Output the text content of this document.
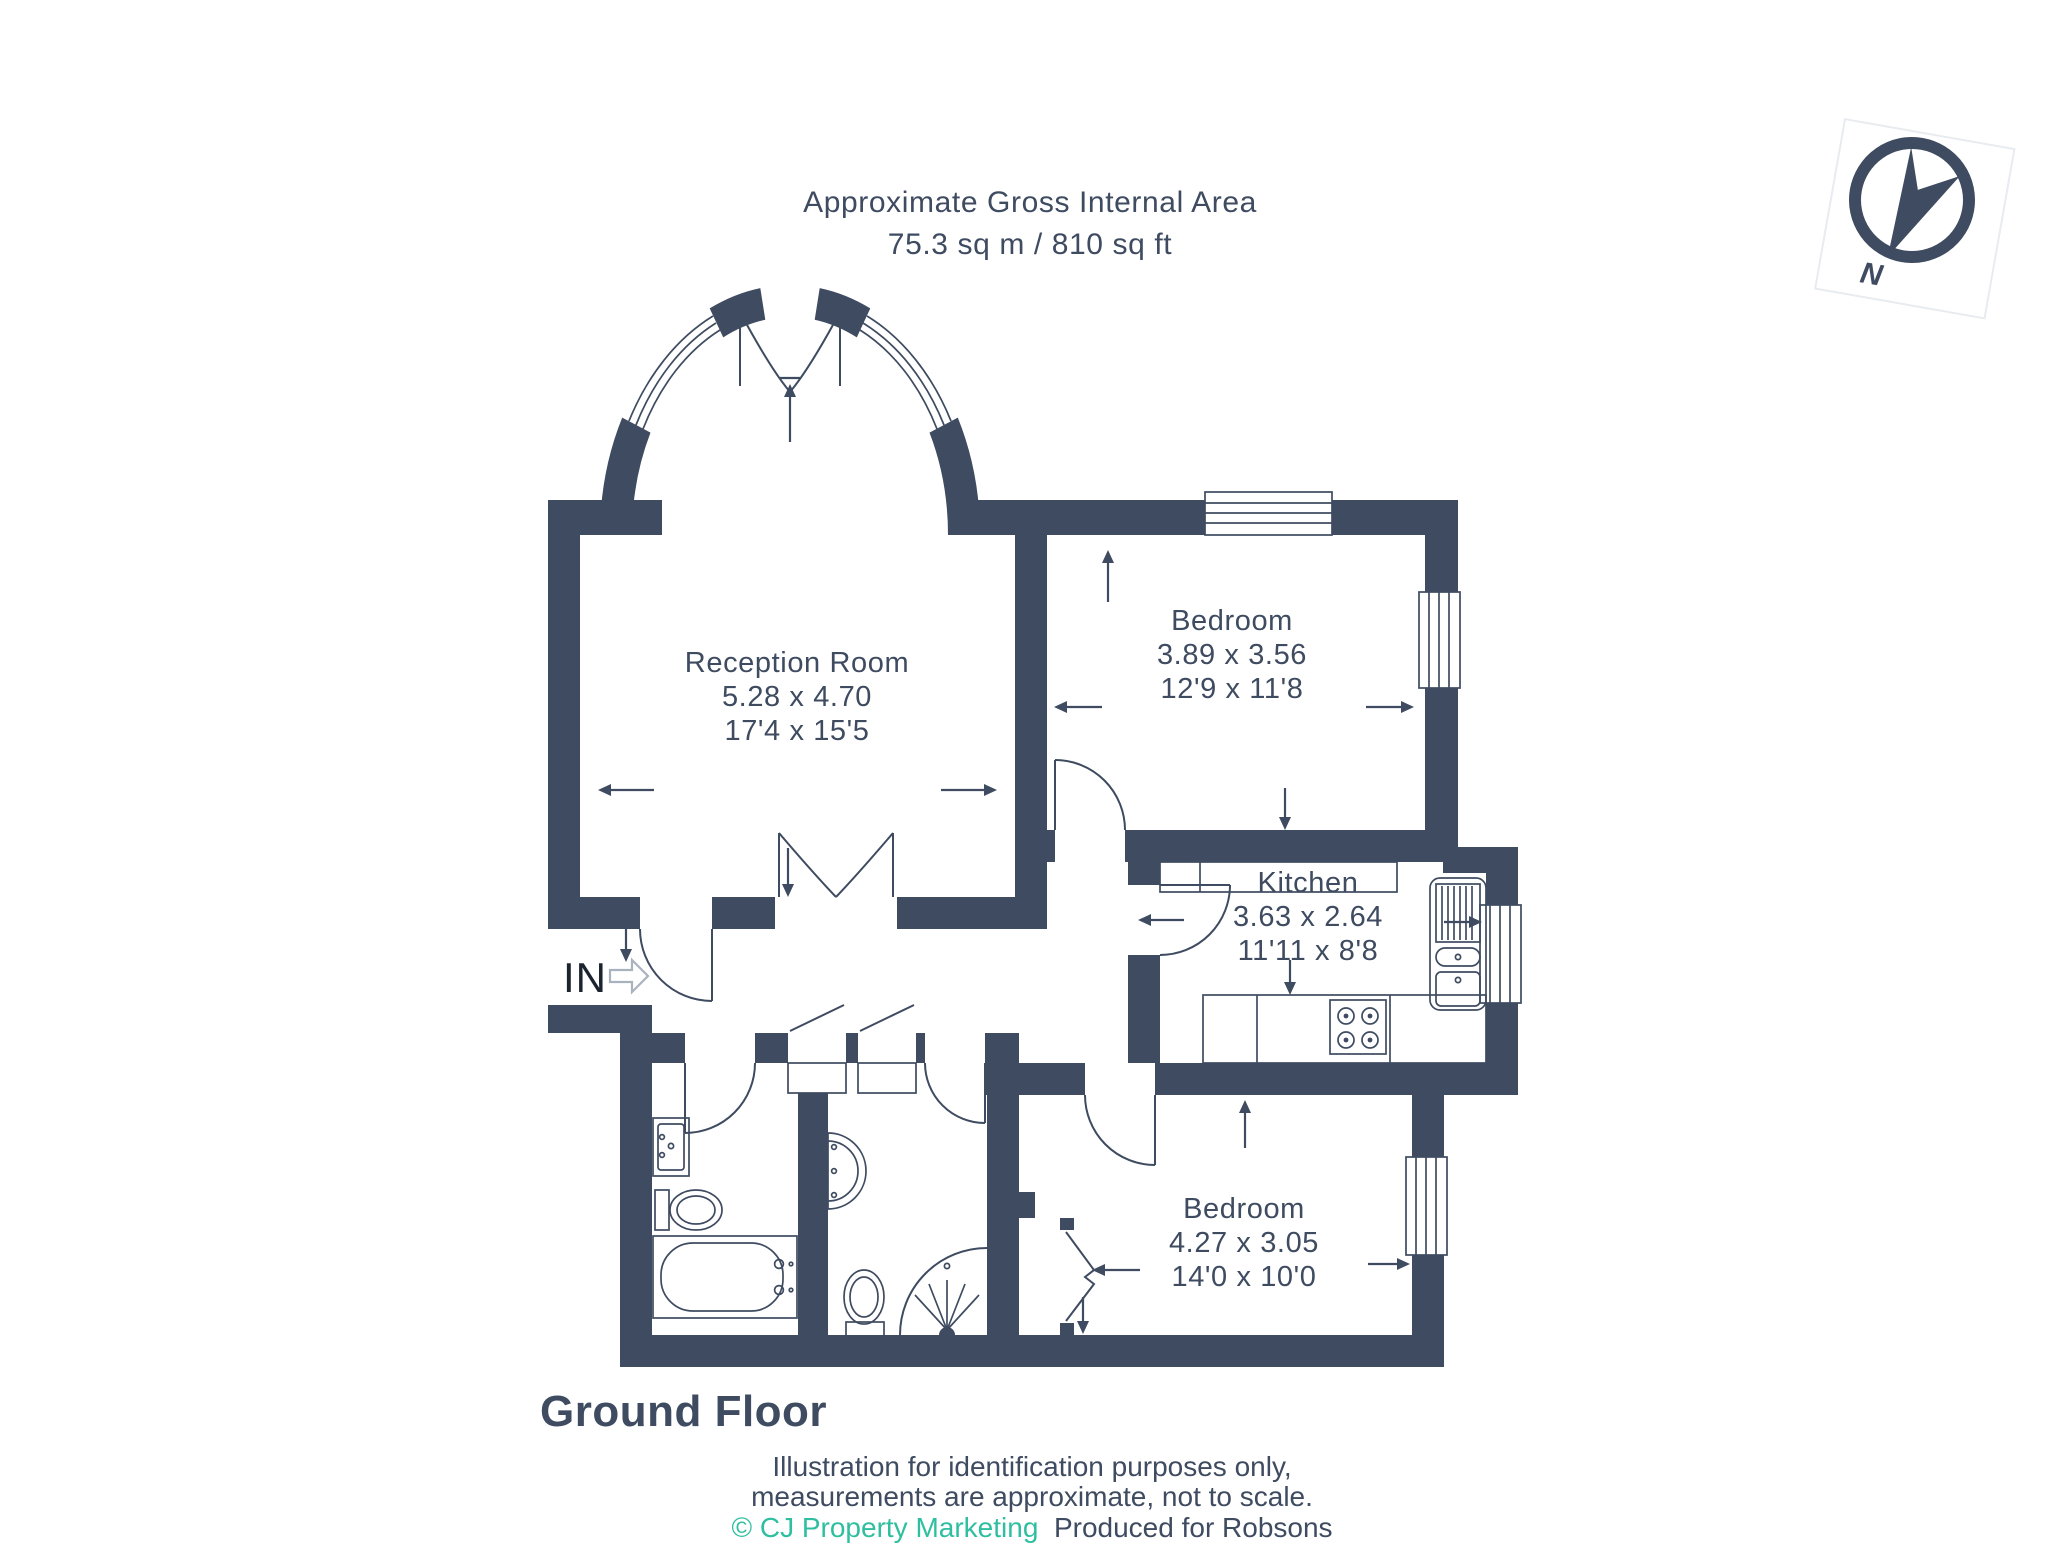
Approximate Gross Internal Area
75.3 sq m / 810 sq ft
N
Reception Room
5.28 x 4.70
17'4 x 15'5
Bedroom
3.89 x 3.56
12'9 x 11'8
Kitchen
3.63 x 2.64
11'11 x 8'8
Bedroom
4.27 x 3.05
14'0 x 10'0
IN
Ground Floor
Illustration for identification purposes only,
measurements are approximate, not to scale.
© CJ Property Marketing  Produced for Robsons
